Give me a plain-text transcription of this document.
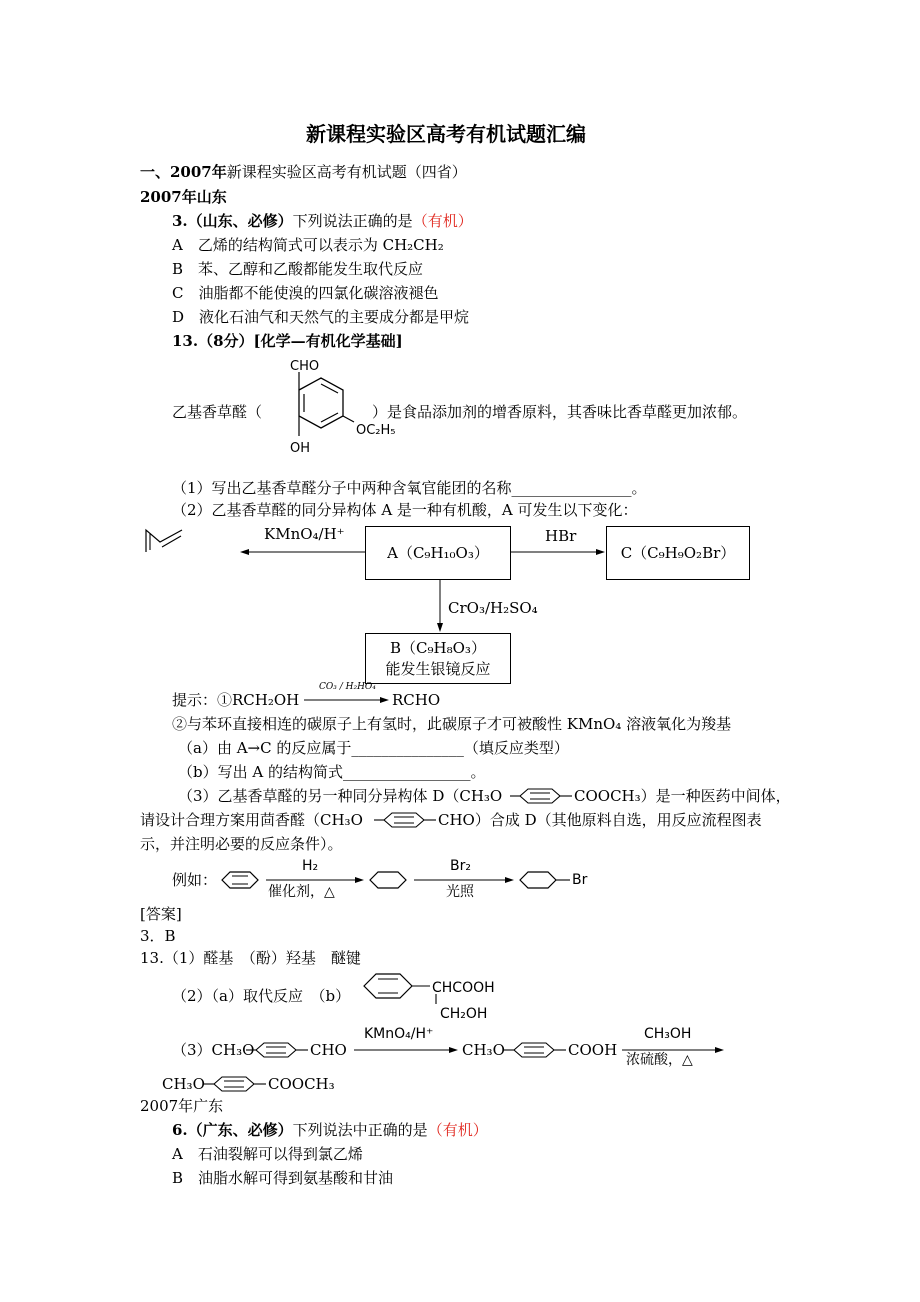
新课程实验区高考有机试题汇编
一、2007年新课程实验区高考有机试题（四省）
2007年山东
3.（山东、必修）下列说法正确的是（有机）
A　乙烯的结构简式可以表示为 CH₂CH₂
B　苯、乙醇和乙酸都能发生取代反应
C　油脂都不能使溴的四氯化碳溶液褪色
D　液化石油气和天然气的主要成分都是甲烷
13.（8分）[化学—有机化学基础]
CHO
OC₂H₅
OH
乙基香草醛（	）是食品添加剂的增香原料，其香味比香草醛更加浓郁。
（1）写出乙基香草醛分子中两种含氧官能团的名称________________。
（2）乙基香草醛的同分异构体 A 是一种有机酸，A 可发生以下变化：
A（C₉H₁₀O₃）	C（C₉H₉O₂Br）
B（C₉H₈O₃）
能发生银镜反应
KMnO₄/H⁺	HBr
CrO₃/H₂SO₄
提示：①RCH₂OH
CO₃ / H₂HO₄
RCHO
②与苯环直接相连的碳原子上有氢时，此碳原子才可被酸性 KMnO₄ 溶液氧化为羧基
（a）由 A→C 的反应属于_______________（填反应类型）
（b）写出 A 的结构简式_________________。
（3）乙基香草醛的另一种同分异构体 D（CH₃O	COOCH₃）是一种医药中间体，
请设计合理方案用茴香醛（CH₃O	CHO）合成 D（其他原料自选，用反应流程图表
示，并注明必要的反应条件）。
例如：
H₂
催化剂，△
Br₂
光照
Br
[答案]
3．B
13.（1）醛基　（酚）羟基　醚键
（2）（a）取代反应　（b）	CHCOOH
CH₂OH
（3）CH₃O	CHO
KMnO₄/H⁺
CH₃O	COOH
CH₃OH
浓硫酸，△
CH₃O	COOCH₃
2007年广东
6.（广东、必修）下列说法中正确的是（有机）
A　石油裂解可以得到氯乙烯
B　油脂水解可得到氨基酸和甘油
